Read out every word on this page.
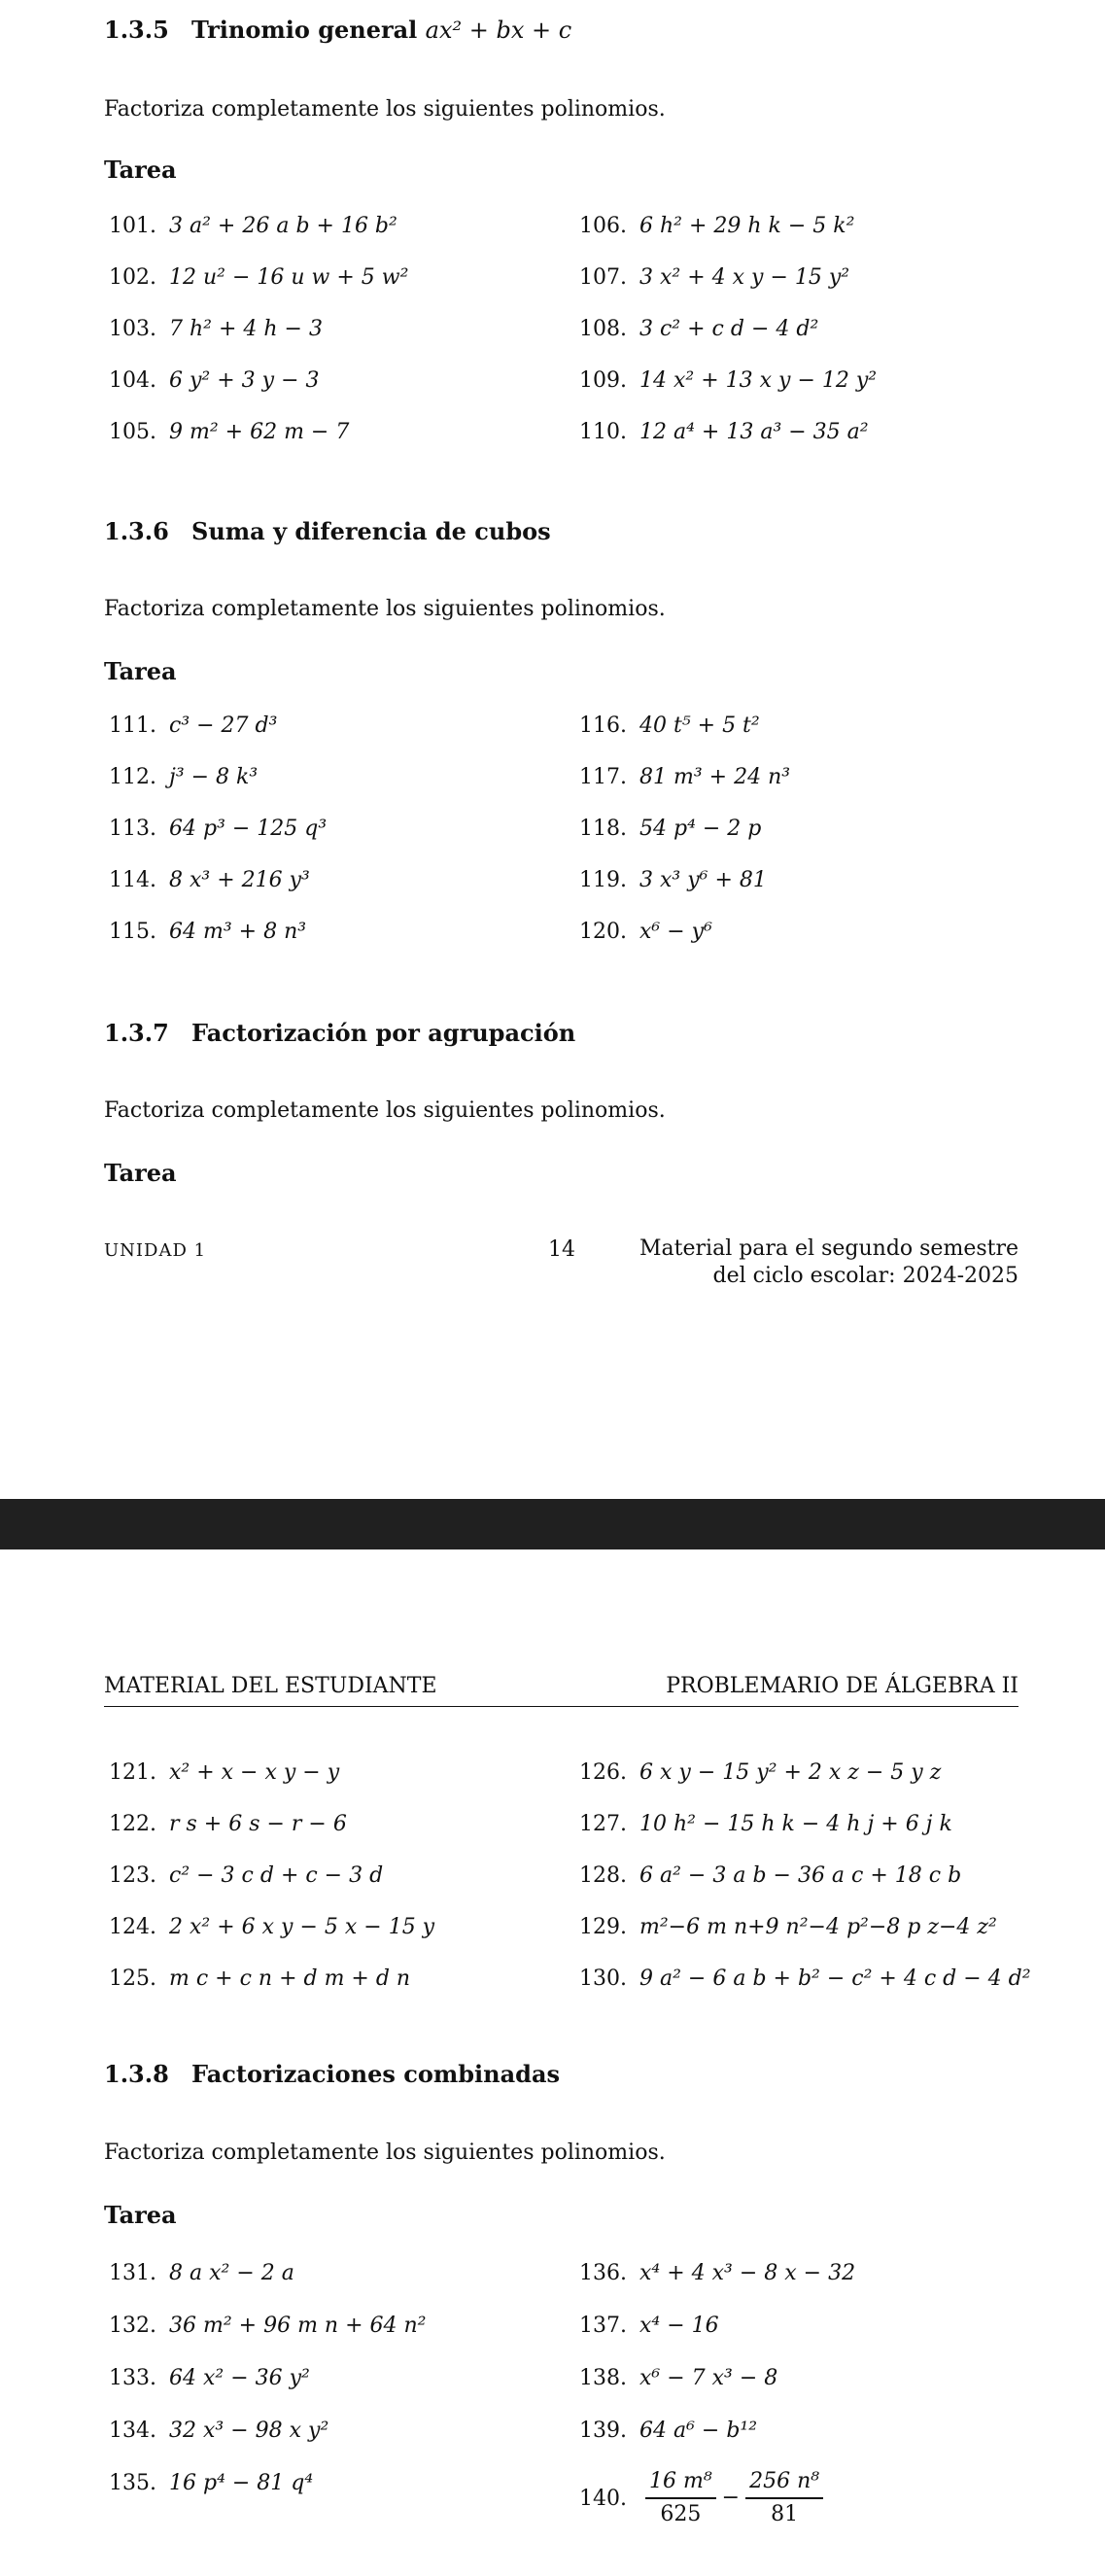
1.3.5 Trinomio general ax² + bx + c
Factoriza completamente los siguientes polinomios.
Tarea
101. 3 a² + 26 a b + 16 b²
102. 12 u² − 16 u w + 5 w²
103. 7 h² + 4 h − 3
104. 6 y² + 3 y − 3
105. 9 m² + 62 m − 7
106. 6 h² + 29 h k − 5 k²
107. 3 x² + 4 x y − 15 y²
108. 3 c² + c d − 4 d²
109. 14 x² + 13 x y − 12 y²
110. 12 a⁴ + 13 a³ − 35 a²
1.3.6 Suma y diferencia de cubos
Factoriza completamente los siguientes polinomios.
Tarea
111. c³ − 27 d³
112. j³ − 8 k³
113. 64 p³ − 125 q³
114. 8 x³ + 216 y³
115. 64 m³ + 8 n³
116. 40 t⁵ + 5 t²
117. 81 m³ + 24 n³
118. 54 p⁴ − 2 p
119. 3 x³ y⁶ + 81
120. x⁶ − y⁶
1.3.7 Factorización por agrupación
Factoriza completamente los siguientes polinomios.
Tarea
UNIDAD 1	14	Material para el segundo semestre
del ciclo escolar: 2024-2025
MATERIAL DEL ESTUDIANTE	PROBLEMARIO DE ÁLGEBRA II
121. x² + x − x y − y
122. r s + 6 s − r − 6
123. c² − 3 c d + c − 3 d
124. 2 x² + 6 x y − 5 x − 15 y
125. m c + c n + d m + d n
126. 6 x y − 15 y² + 2 x z − 5 y z
127. 10 h² − 15 h k − 4 h j + 6 j k
128. 6 a² − 3 a b − 36 a c + 18 c b
129. m²−6 m n+9 n²−4 p²−8 p z−4 z²
130. 9 a² − 6 a b + b² − c² + 4 c d − 4 d²
1.3.8 Factorizaciones combinadas
Factoriza completamente los siguientes polinomios.
Tarea
131. 8 a x² − 2 a
132. 36 m² + 96 m n + 64 n²
133. 64 x² − 36 y²
134. 32 x³ − 98 x y²
135. 16 p⁴ − 81 q⁴
136. x⁴ + 4 x³ − 8 x − 32
137. x⁴ − 16
138. x⁶ − 7 x³ − 8
139. 64 a⁶ − b¹²
140. $\frac{\text{16 m⁸}}{625} - \frac{\text{256 n⁸}}{81}$
